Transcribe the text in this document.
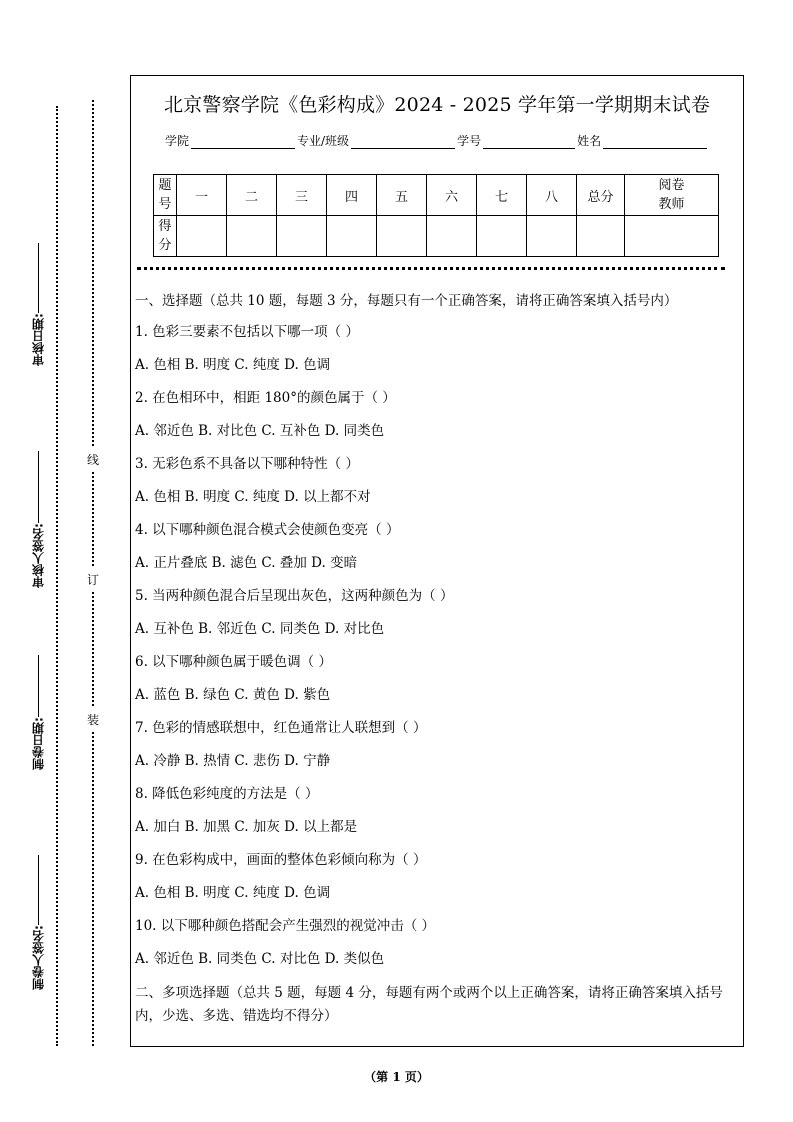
审核日期:
审核人签名:
制卷日期:
制卷人签名:
线
订
装
北京警察学院《色彩构成》2024 - 2025 学年第一学期期末试卷
学院	专业/班级	学号	姓名
题号	一	二	三	四	五	六	七	八	总分	阅卷教师
得分										
一、选择题（总共 10 题，每题 3 分，每题只有一个正确答案，请将正确答案填入括号内）
1. 色彩三要素不包括以下哪一项（ ）
A. 色相 B. 明度 C. 纯度 D. 色调
2. 在色相环中，相距 180°的颜色属于（ ）
A. 邻近色 B. 对比色 C. 互补色 D. 同类色
3. 无彩色系不具备以下哪种特性（ ）
A. 色相 B. 明度 C. 纯度 D. 以上都不对
4. 以下哪种颜色混合模式会使颜色变亮（ ）
A. 正片叠底 B. 滤色 C. 叠加 D. 变暗
5. 当两种颜色混合后呈现出灰色，这两种颜色为（ ）
A. 互补色 B. 邻近色 C. 同类色 D. 对比色
6. 以下哪种颜色属于暖色调（ ）
A. 蓝色 B. 绿色 C. 黄色 D. 紫色
7. 色彩的情感联想中，红色通常让人联想到（ ）
A. 冷静 B. 热情 C. 悲伤 D. 宁静
8. 降低色彩纯度的方法是（ ）
A. 加白 B. 加黑 C. 加灰 D. 以上都是
9. 在色彩构成中，画面的整体色彩倾向称为（ ）
A. 色相 B. 明度 C. 纯度 D. 色调
10. 以下哪种颜色搭配会产生强烈的视觉冲击（ ）
A. 邻近色 B. 同类色 C. 对比色 D. 类似色
二、多项选择题（总共 5 题，每题 4 分，每题有两个或两个以上正确答案，请将正确答案填入括号内，少选、多选、错选均不得分）
（第 1 页）
